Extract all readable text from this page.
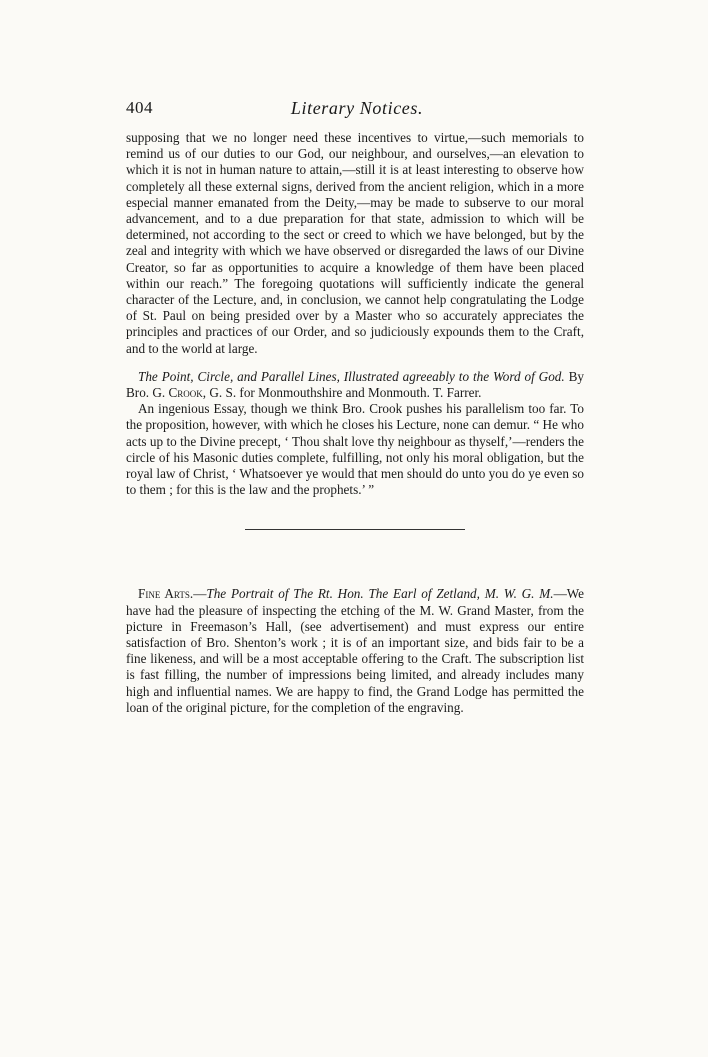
404	Literary Notices.

supposing that we no longer need these incentives to virtue,—such memorials to remind us of our duties to our God, our neighbour, and ourselves,—an elevation to which it is not in human nature to attain,—still it is at least interesting to observe how completely all these external signs, derived from the ancient religion, which in a more especial manner emanated from the Deity,—may be made to subserve to our moral advancement, and to a due preparation for that state, admission to which will be determined, not according to the sect or creed to which we have belonged, but by the zeal and integrity with which we have observed or disregarded the laws of our Divine Creator, so far as opportunities to acquire a knowledge of them have been placed within our reach.” The foregoing quotations will sufficiently indicate the general character of the Lecture, and, in conclusion, we cannot help congratulating the Lodge of St. Paul on being presided over by a Master who so accurately appreciates the principles and practices of our Order, and so judiciously expounds them to the Craft, and to the world at large.

The Point, Circle, and Parallel Lines, Illustrated agreeably to the Word of God. By Bro. G. Crook, G. S. for Monmouthshire and Monmouth. T. Farrer.

An ingenious Essay, though we think Bro. Crook pushes his parallelism too far. To the proposition, however, with which he closes his Lecture, none can demur. “ He who acts up to the Divine precept, ‘ Thou shalt love thy neighbour as thyself,’—renders the circle of his Masonic duties complete, fulfilling, not only his moral obligation, but the royal law of Christ, ‘ Whatsoever ye would that men should do unto you do ye even so to them ; for this is the law and the prophets.’ ”

Fine Arts.—The Portrait of The Rt. Hon. The Earl of Zetland, M. W. G. M.—We have had the pleasure of inspecting the etching of the M. W. Grand Master, from the picture in Freemason’s Hall, (see advertisement) and must express our entire satisfaction of Bro. Shenton’s work ; it is of an important size, and bids fair to be a fine likeness, and will be a most acceptable offering to the Craft. The subscription list is fast filling, the number of impressions being limited, and already includes many high and influential names. We are happy to find, the Grand Lodge has permitted the loan of the original picture, for the completion of the engraving.
